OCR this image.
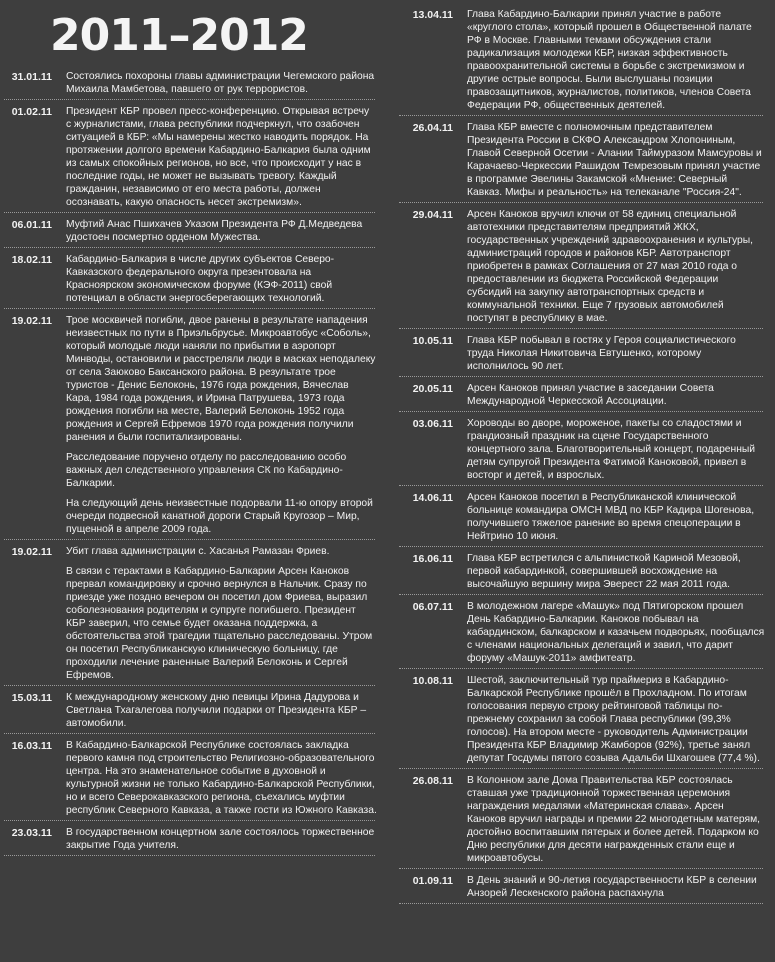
2011–2012
31.01.11	Состоялись похороны главы администрации Чегемского района Михаила Мамбетова, павшего от рук террористов.

01.02.11	Президент КБР провел пресс-конференцию. Открывая встречу с журналистами, глава республики подчеркнул, что озабочен ситуацией в КБР: «Мы намерены жестко наводить порядок. На протяжении долгого времени Кабардино-Балкария была одним из самых спокойных регионов, но все, что происходит у нас в последние годы, не может не вызывать тревогу. Каждый гражданин, независимо от его места работы, должен осознавать, какую опасность несет экстремизм».

06.01.11	Муфтий Анас Пшихачев Указом Президента РФ Д.Медведева удостоен посмертно орденом Мужества.

18.02.11	Кабардино-Балкария в числе других субъектов Северо-Кавказского федерального округа презентовала на Красноярском экономическом форуме (КЭФ-2011) свой потенциал в области энергосберегающих технологий.

19.02.11	Трое москвичей погибли, двое ранены в результате нападения неизвестных по пути в Приэльбрусье. Микроавтобус «Соболь», который молодые люди наняли по прибытии в аэропорт Минводы, остановили и расстреляли люди в масках неподалеку от села Заюково Баксанского района. В результате трое туристов - Денис Белоконь, 1976 года рождения, Вячеслав Кара, 1984 года рождения, и Ирина Патрушева, 1973 года рождения погибли на месте, Валерий Белоконь 1952 года рождения и Сергей Ефремов 1970 года рождения получили ранения и были госпитализированы.

Расследование поручено отделу по расследованию особо важных дел следственного управления СК по Кабардино-Балкарии.

На следующий день неизвестные подорвали 11-ю опору второй очереди подвесной канатной дороги Старый Кругозор – Мир, пущенной в апреле 2009 года.

19.02.11	Убит глава администрации с. Хасанья Рамазан Фриев.

В связи с терактами в Кабардино-Балкарии Арсен Каноков прервал командировку и срочно вернулся в Нальчик. Сразу по приезде уже поздно вечером он посетил дом Фриева, выразил соболезнования родителям и супруге погибшего. Президент КБР заверил, что семье будет оказана поддержка, а обстоятельства этой трагедии тщательно расследованы. Утром он посетил Республиканскую клиническую больницу, где проходили лечение раненные Валерий Белоконь и Сергей Ефремов.

15.03.11	К международному женскому дню певицы Ирина Дадурова и Светлана Тхагалегова получили подарки от Президента КБР – автомобили.

16.03.11	В Кабардино-Балкарской Республике состоялась закладка первого камня под строительство Религиозно-образовательного центра. На это знаменательное событие в духовной и культурной жизни не только Кабардино-Балкарской Республики, но и всего Северокавказского региона, съехались муфтии республик Северного Кавказа, а также гости из Южного Кавказа.

23.03.11	В государственном концертном зале состоялось торжественное закрытие Года учителя.

13.04.11	Глава Кабардино-Балкарии принял участие в работе «круглого стола», который прошел в Общественной палате РФ в Москве. Главными темами обсуждения стали радикализация молодежи КБР, низкая эффективность правоохранительной системы в борьбе с экстремизмом и другие острые вопросы. Были выслушаны позиции правозащитников, журналистов, политиков, членов Совета Федерации РФ, общественных деятелей.

26.04.11	Глава КБР вместе с полномочным представителем Президента России в СКФО Александром Хлопониным, Главой Северной Осетии - Алании Таймуразом Мамсуровы и Карачаево-Черкессии Рашидом Темрезовым принял участие в программе Эвелины Закамской «Мнение: Северный Кавказ. Мифы и реальность» на телеканале "Россия-24".

29.04.11	Арсен Каноков вручил ключи от 58 единиц специальной автотехники представителям предприятий ЖКХ, государственных учреждений здравоохранения и культуры, администраций городов и районов КБР. Автотранспорт приобретен в рамках Соглашения от 27 мая 2010 года о предоставлении из бюджета Российской Федерации субсидий на закупку автотранспортных средств и коммунальной техники. Еще 7 грузовых автомобилей поступят в республику в мае.

10.05.11	Глава КБР побывал в гостях у Героя социалистического труда Николая Никитовича Евтушенко, которому исполнилось 90 лет.

20.05.11	Арсен Каноков принял участие в заседании Совета Международной Черкесской Ассоциации.

03.06.11	Хороводы во дворе, мороженое, пакеты со сладостями и грандиозный праздник на сцене Государственного концертного зала. Благотворительный концерт, подаренный детям супругой Президента Фатимой Каноковой, привел в восторг и детей, и взрослых.

14.06.11	Арсен Каноков посетил в Республиканской клинической больнице командира ОМСН МВД по КБР Кадира Шогенова, получившего тяжелое ранение во время спецоперации в Нейтрино 10 июня.

16.06.11	Глава КБР встретился с альпинисткой Кариной Мезовой, первой кабардинкой, совершившей восхождение на высочайшую вершину мира Эверест 22 мая 2011 года.

06.07.11	В молодежном лагере «Машук» под Пятигорском прошел День Кабардино-Балкарии. Каноков побывал на кабардинском, балкарском и казачьем подворьях, пообщался с членами национальных делегаций и завил, что дарит форуму «Машук-2011» амфитеатр.

10.08.11	Шестой, заключительный тур праймериз в Кабардино-Балкарской Республике прошёл в Прохладном. По итогам голосования первую строку рейтинговой таблицы по-прежнему сохранил за собой Глава республики (99,3% голосов). На втором месте - руководитель Администрации Президента КБР Владимир Жамборов (92%), третье занял депутат Госдумы пятого созыва Адальби Шхагошев (77,4 %).

26.08.11	В Колонном зале Дома Правительства КБР состоялась ставшая уже традиционной торжественная церемония награждения медалями «Материнская слава». Арсен Каноков вручил награды и премии 22 многодетным матерям, достойно воспитавшим пятерых и более детей. Подарком ко Дню республики для десяти награжденных стали еще и микроавтобусы.

01.09.11	В День знаний и 90-летия государственности КБР в селении Анзорей Лескенского района распахнула
